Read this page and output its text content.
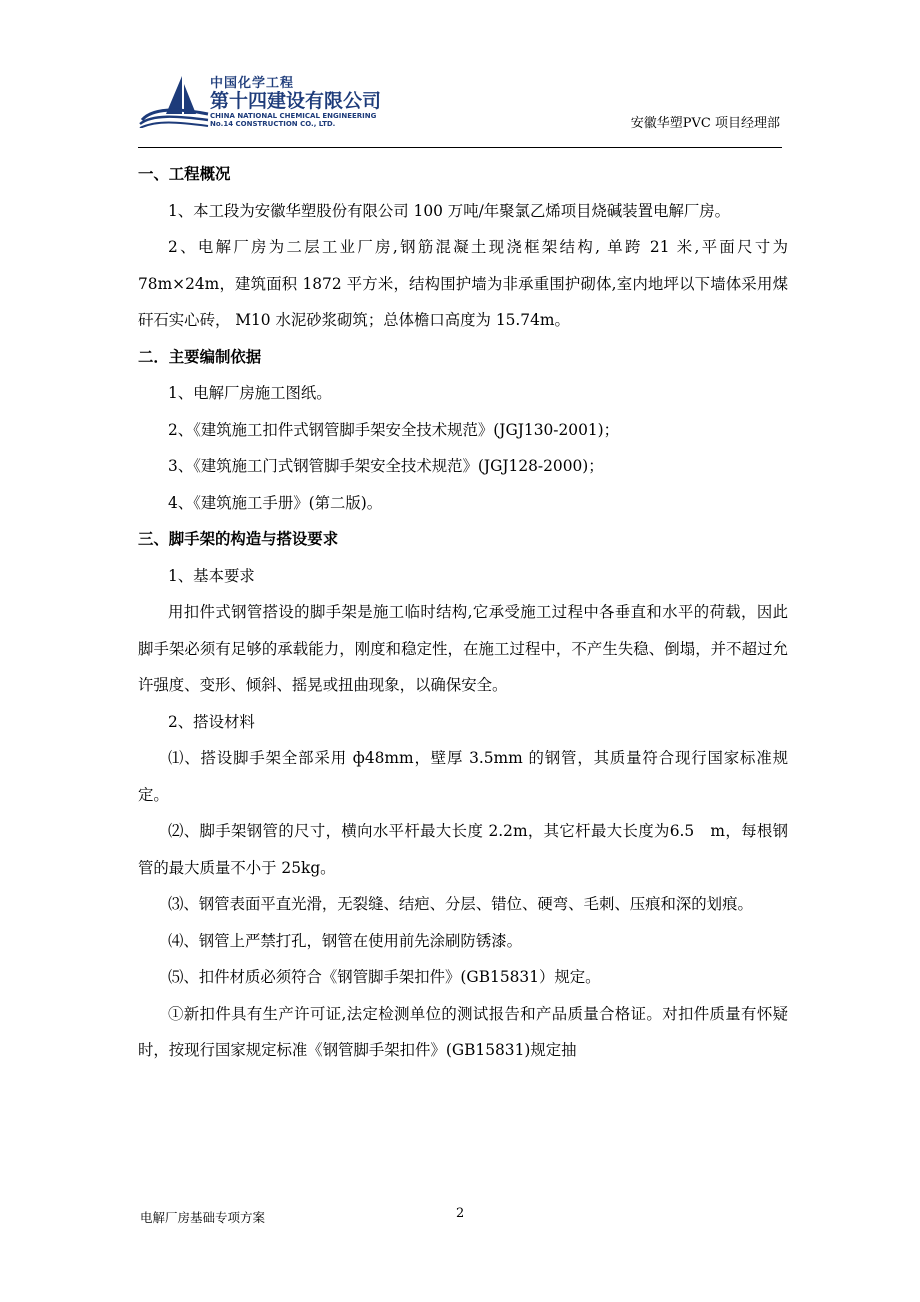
中国化学工程
第十四建设有限公司
CHINA NATIONAL CHEMICAL ENGINEERING
No.14 CONSTRUCTION CO., LTD.	安徽华塑PVC 项目经理部

一、工程概况

1、本工段为安徽华塑股份有限公司 100 万吨/年聚氯乙烯项目烧碱装置电解厂房。

2、电解厂房为二层工业厂房,钢筋混凝土现浇框架结构, 单跨 21 米,平面尺寸为 78m×24m，建筑面积 1872 平方米，结构围护墙为非承重围护砌体,室内地坪以下墙体采用煤矸石实心砖， M10 水泥砂浆砌筑；总体檐口高度为 15.74m。

二．主要编制依据

1、电解厂房施工图纸。

2、《建筑施工扣件式钢管脚手架安全技术规范》(JGJ130-2001)；

3、《建筑施工门式钢管脚手架安全技术规范》(JGJ128-2000)；

4、《建筑施工手册》(第二版)。

三、脚手架的构造与搭设要求

1、基本要求

用扣件式钢管搭设的脚手架是施工临时结构,它承受施工过程中各垂直和水平的荷载，因此脚手架必须有足够的承载能力，刚度和稳定性，在施工过程中，不产生失稳、倒塌，并不超过允许强度、变形、倾斜、摇晃或扭曲现象，以确保安全。

2、搭设材料

⑴、搭设脚手架全部采用 ф48mm，壁厚 3.5mm 的钢管，其质量符合现行国家标准规定。

⑵、脚手架钢管的尺寸，横向水平杆最大长度 2.2m，其它杆最大长度为6.5　m，每根钢管的最大质量不小于 25kg。

⑶、钢管表面平直光滑，无裂缝、结疤、分层、错位、硬弯、毛刺、压痕和深的划痕。

⑷、钢管上严禁打孔，钢管在使用前先涂刷防锈漆。

⑸、扣件材质必须符合《钢管脚手架扣件》(GB15831）规定。

①新扣件具有生产许可证,法定检测单位的测试报告和产品质量合格证。对扣件质量有怀疑时，按现行国家规定标准《钢管脚手架扣件》(GB15831)规定抽

电解厂房基础专项方案	2
